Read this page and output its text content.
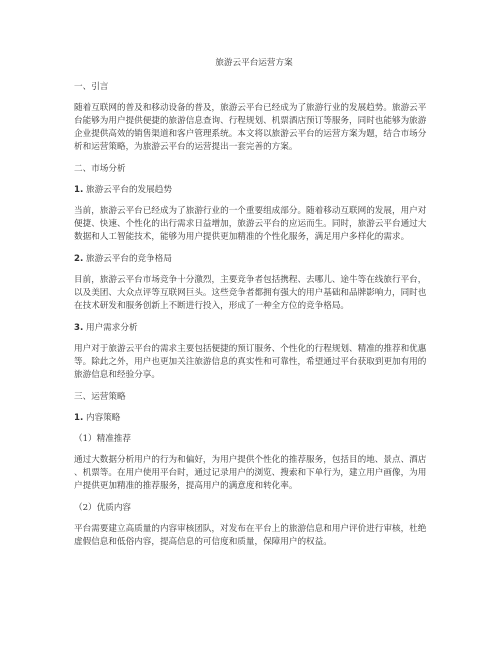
旅游云平台运营方案
一、引言

随着互联网的普及和移动设备的普及，旅游云平台已经成为了旅游行业的发展趋势。旅游云平台能够为用户提供便捷的旅游信息查询、行程规划、机票酒店预订等服务，同时也能够为旅游企业提供高效的销售渠道和客户管理系统。本文将以旅游云平台的运营方案为题，结合市场分析和运营策略，为旅游云平台的运营提出一套完善的方案。

二、市场分析
1. 旅游云平台的发展趋势

当前，旅游云平台已经成为了旅游行业的一个重要组成部分。随着移动互联网的发展，用户对便捷、快速、个性化的出行需求日益增加，旅游云平台的应运而生。同时，旅游云平台通过大数据和人工智能技术，能够为用户提供更加精准的个性化服务，满足用户多样化的需求。

2. 旅游云平台的竞争格局

目前，旅游云平台市场竞争十分激烈，主要竞争者包括携程、去哪儿、途牛等在线旅行平台，以及美团、大众点评等互联网巨头。这些竞争者都拥有强大的用户基础和品牌影响力，同时也在技术研发和服务创新上不断进行投入，形成了一种全方位的竞争格局。

3. 用户需求分析

用户对于旅游云平台的需求主要包括便捷的预订服务、个性化的行程规划、精准的推荐和优惠等。除此之外，用户也更加关注旅游信息的真实性和可靠性，希望通过平台获取到更加有用的旅游信息和经验分享。

三、运营策略
1. 内容策略
（1）精准推荐

通过大数据分析用户的行为和偏好，为用户提供个性化的推荐服务，包括目的地、景点、酒店、机票等。在用户使用平台时，通过记录用户的浏览、搜索和下单行为，建立用户画像，为用户提供更加精准的推荐服务，提高用户的满意度和转化率。

（2）优质内容

平台需要建立高质量的内容审核团队，对发布在平台上的旅游信息和用户评价进行审核，杜绝虚假信息和低俗内容，提高信息的可信度和质量，保障用户的权益。
